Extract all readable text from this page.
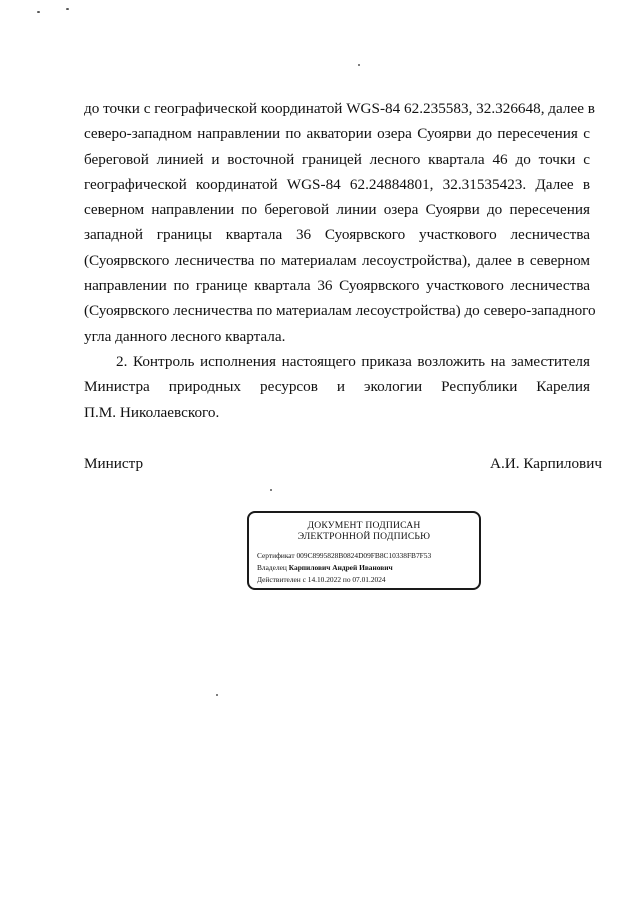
до точки с географической координатой WGS-84 62.235583, 32.326648, далее в
северо-западном направлении по акватории озера Суоярви до пересечения с
береговой линией и восточной границей лесного квартала 46 до точки с
географической координатой WGS-84 62.24884801, 32.31535423. Далее в
северном направлении по береговой линии озера Суоярви до пересечения
западной границы квартала 36 Суоярвского участкового лесничества
(Суоярвского лесничества по материалам лесоустройства), далее в северном
направлении по границе квартала 36 Суоярвского участкового лесничества
(Суоярвского лесничества по материалам лесоустройства) до северо-западного
угла данного лесного квартала.
2. Контроль исполнения настоящего приказа возложить на заместителя
Министра природных ресурсов и экологии Республики Карелия
П.М. Николаевского.
Министр	А.И. Карпилович
ДОКУМЕНТ ПОДПИСАН
ЭЛЕКТРОННОЙ ПОДПИСЬЮ
Сертификат 009C8995828B0824D09FB8C10338FB7F53
Владелец Карпилович Андрей Иванович
Действителен с 14.10.2022 по 07.01.2024
